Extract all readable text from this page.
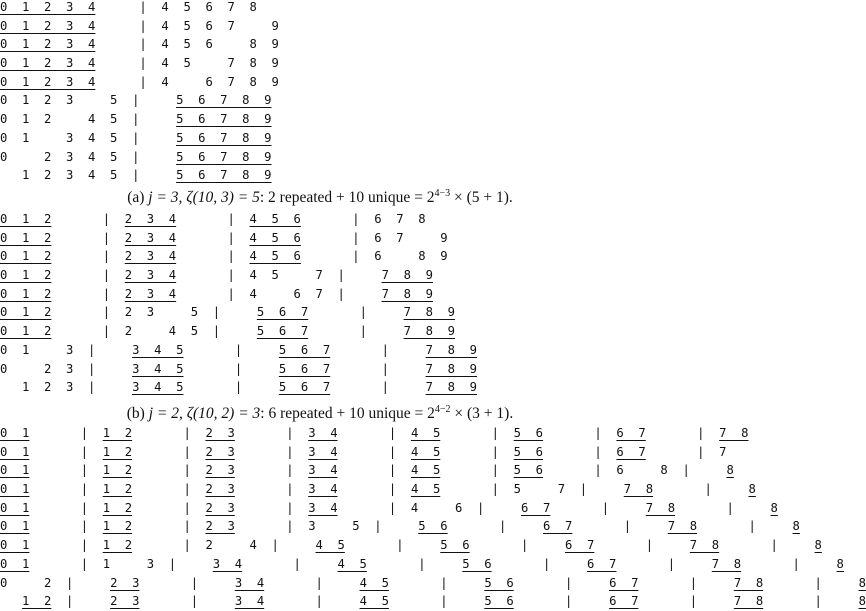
0  1  2  3  4      |  4  5  6  7  8
0  1  2  3  4      |  4  5  6  7     9
0  1  2  3  4      |  4  5  6     8  9
0  1  2  3  4      |  4  5     7  8  9
0  1  2  3  4      |  4     6  7  8  9
0  1  2  3     5  |     5  6  7  8  9
0  1  2     4  5  |     5  6  7  8  9
0  1     3  4  5  |     5  6  7  8  9
0     2  3  4  5  |     5  6  7  8  9
1  2  3  4  5  |     5  6  7  8  9
(a) j = 3, ζ(10, 3) = 5: 2 repeated + 10 unique = $2^{4-3} \times (5 + 1)$.
0  1  2       |  2  3  4       |  4  5  6       |  6  7  8
0  1  2       |  2  3  4       |  4  5  6       |  6  7     9
0  1  2       |  2  3  4       |  4  5  6       |  6     8  9
0  1  2       |  2  3  4       |  4  5     7  |     7  8  9
0  1  2       |  2  3  4       |  4     6  7  |     7  8  9
0  1  2       |  2  3     5  |     5  6  7       |     7  8  9
0  1  2       |  2     4  5  |     5  6  7       |     7  8  9
0  1     3  |     3  4  5       |     5  6  7       |     7  8  9
0     2  3  |     3  4  5       |     5  6  7       |     7  8  9
1  2  3  |     3  4  5       |     5  6  7       |     7  8  9
(b) j = 2, ζ(10, 2) = 3: 6 repeated + 10 unique = $2^{4-2} \times (3 + 1)$.
0  1       |  1  2       |  2  3       |  3  4       |  4  5       |  5  6       |  6  7       |  7  8
0  1       |  1  2       |  2  3       |  3  4       |  4  5       |  5  6       |  6  7       |  7
0  1       |  1  2       |  2  3       |  3  4       |  4  5       |  5  6       |  6     8  |     8
0  1       |  1  2       |  2  3       |  3  4       |  4  5       |  5     7  |     7  8       |     8
0  1       |  1  2       |  2  3       |  3  4       |  4     6  |     6  7       |     7  8       |     8
0  1       |  1  2       |  2  3       |  3     5  |     5  6       |     6  7       |     7  8       |     8
0  1       |  1  2       |  2     4  |     4  5       |     5  6       |     6  7       |     7  8       |     8
0  1       |  1     3  |     3  4       |     4  5       |     5  6       |     6  7       |     7  8       |     8
0     2  |     2  3       |     3  4       |     4  5       |     5  6       |     6  7       |     7  8       |     8
1  2  |     2  3       |     3  4       |     4  5       |     5  6       |     6  7       |     7  8       |     8
